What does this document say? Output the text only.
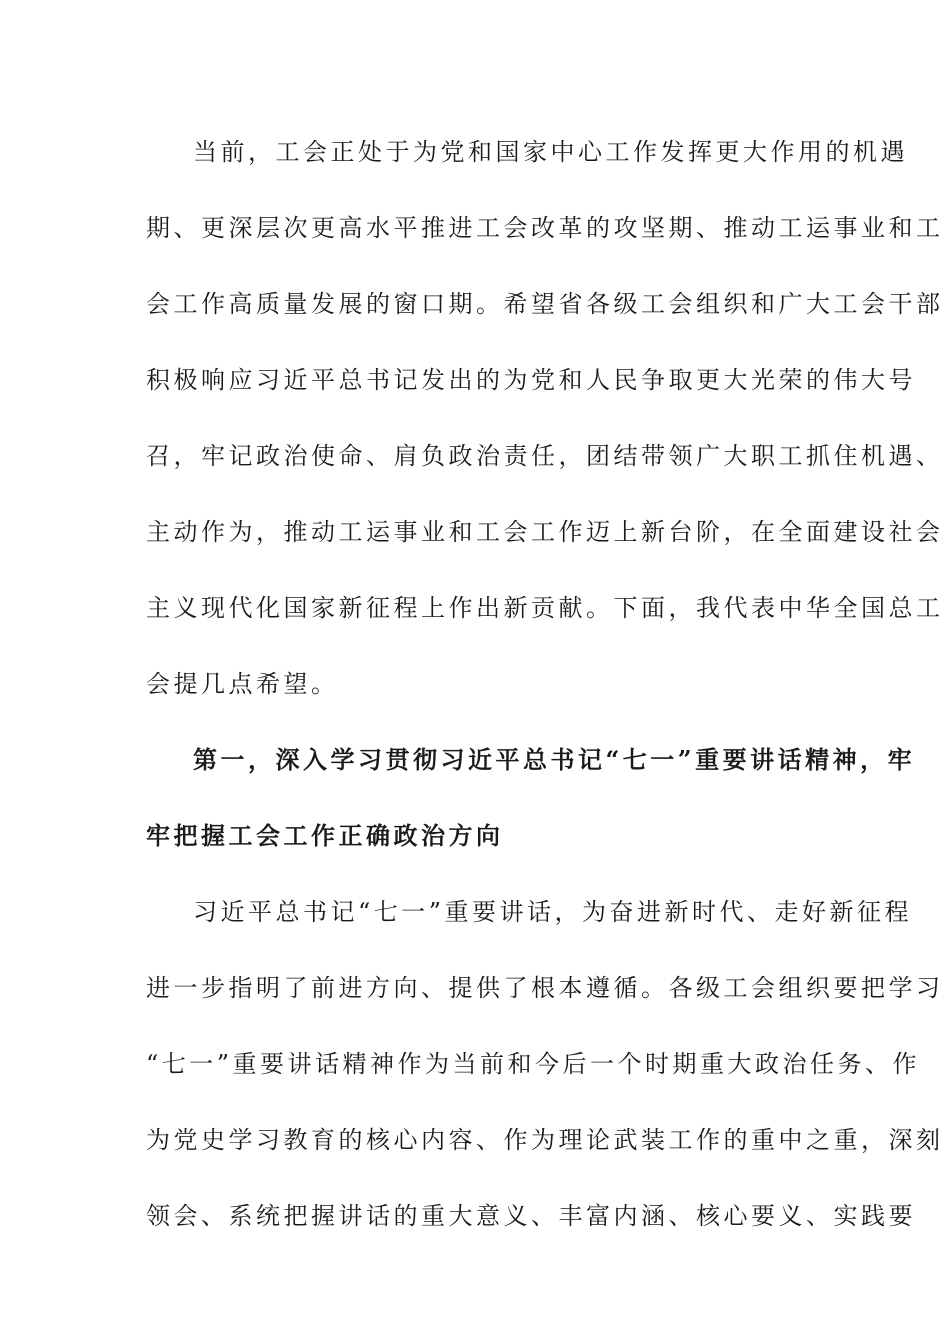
当前，工会正处于为党和国家中心工作发挥更大作用的机遇
期、更深层次更高水平推进工会改革的攻坚期、推动工运事业和工
会工作高质量发展的窗口期。希望省各级工会组织和广大工会干部
积极响应习近平总书记发出的为党和人民争取更大光荣的伟大号
召，牢记政治使命、肩负政治责任，团结带领广大职工抓住机遇、
主动作为，推动工运事业和工会工作迈上新台阶，在全面建设社会
主义现代化国家新征程上作出新贡献。下面，我代表中华全国总工
会提几点希望。
第一，深入学习贯彻习近平总书记“七一”重要讲话精神，牢
牢把握工会工作正确政治方向
习近平总书记“七一”重要讲话，为奋进新时代、走好新征程
进一步指明了前进方向、提供了根本遵循。各级工会组织要把学习
“七一”重要讲话精神作为当前和今后一个时期重大政治任务、作
为党史学习教育的核心内容、作为理论武装工作的重中之重，深刻
领会、系统把握讲话的重大意义、丰富内涵、核心要义、实践要
